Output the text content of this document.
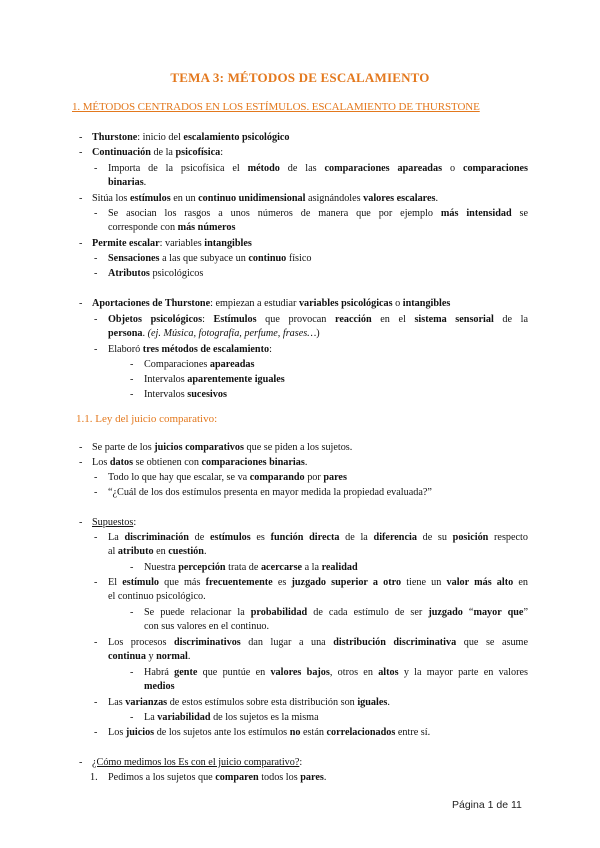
TEMA 3: MÉTODOS DE ESCALAMIENTO
1. MÉTODOS CENTRADOS EN LOS ESTÍMULOS. ESCALAMIENTO DE THURSTONE
- Thurstone: inicio del escalamiento psicológico
- Continuación de la psicofísica:
- Importa de la psicofísica el método de las comparaciones apareadas o comparaciones
binarias.
- Sitúa los estímulos en un continuo unidimensional asignándoles valores escalares.
- Se asocian los rasgos a unos números de manera que por ejemplo más intensidad se
corresponde con más números
- Permite escalar: variables intangibles
- Sensaciones a las que subyace un continuo físico
- Atributos psicológicos
- Aportaciones de Thurstone: empiezan a estudiar variables psicológicas o intangibles
- Objetos psicológicos: Estímulos que provocan reacción en el sistema sensorial de la
persona. (ej. Música, fotografía, perfume, frases…)
- Elaboró tres métodos de escalamiento:
- Comparaciones apareadas
- Intervalos aparentemente iguales
- Intervalos sucesivos
1.1. Ley del juicio comparativo:
- Se parte de los juicios comparativos que se piden a los sujetos.
- Los datos se obtienen con comparaciones binarias.
- Todo lo que hay que escalar, se va comparando por pares
- “¿Cuál de los dos estímulos presenta en mayor medida la propiedad evaluada?”
- Supuestos:
- La discriminación de estímulos es función directa de la diferencia de su posición respecto
al atributo en cuestión.
- Nuestra percepción trata de acercarse a la realidad
- El estímulo que más frecuentemente es juzgado superior a otro tiene un valor más alto en
el continuo psicológico.
- Se puede relacionar la probabilidad de cada estímulo de ser juzgado “mayor que”
con sus valores en el continuo.
- Los procesos discriminativos dan lugar a una distribución discriminativa que se asume
continua y normal.
- Habrá gente que puntúe en valores bajos, otros en altos y la mayor parte en valores
medios
- Las varianzas de estos estímulos sobre esta distribución son iguales.
- La variabilidad de los sujetos es la misma
- Los juicios de los sujetos ante los estímulos no están correlacionados entre sí.
- ¿Cómo medimos los Es con el juicio comparativo?:
1. Pedimos a los sujetos que comparen todos los pares.
Página 1 de 11
